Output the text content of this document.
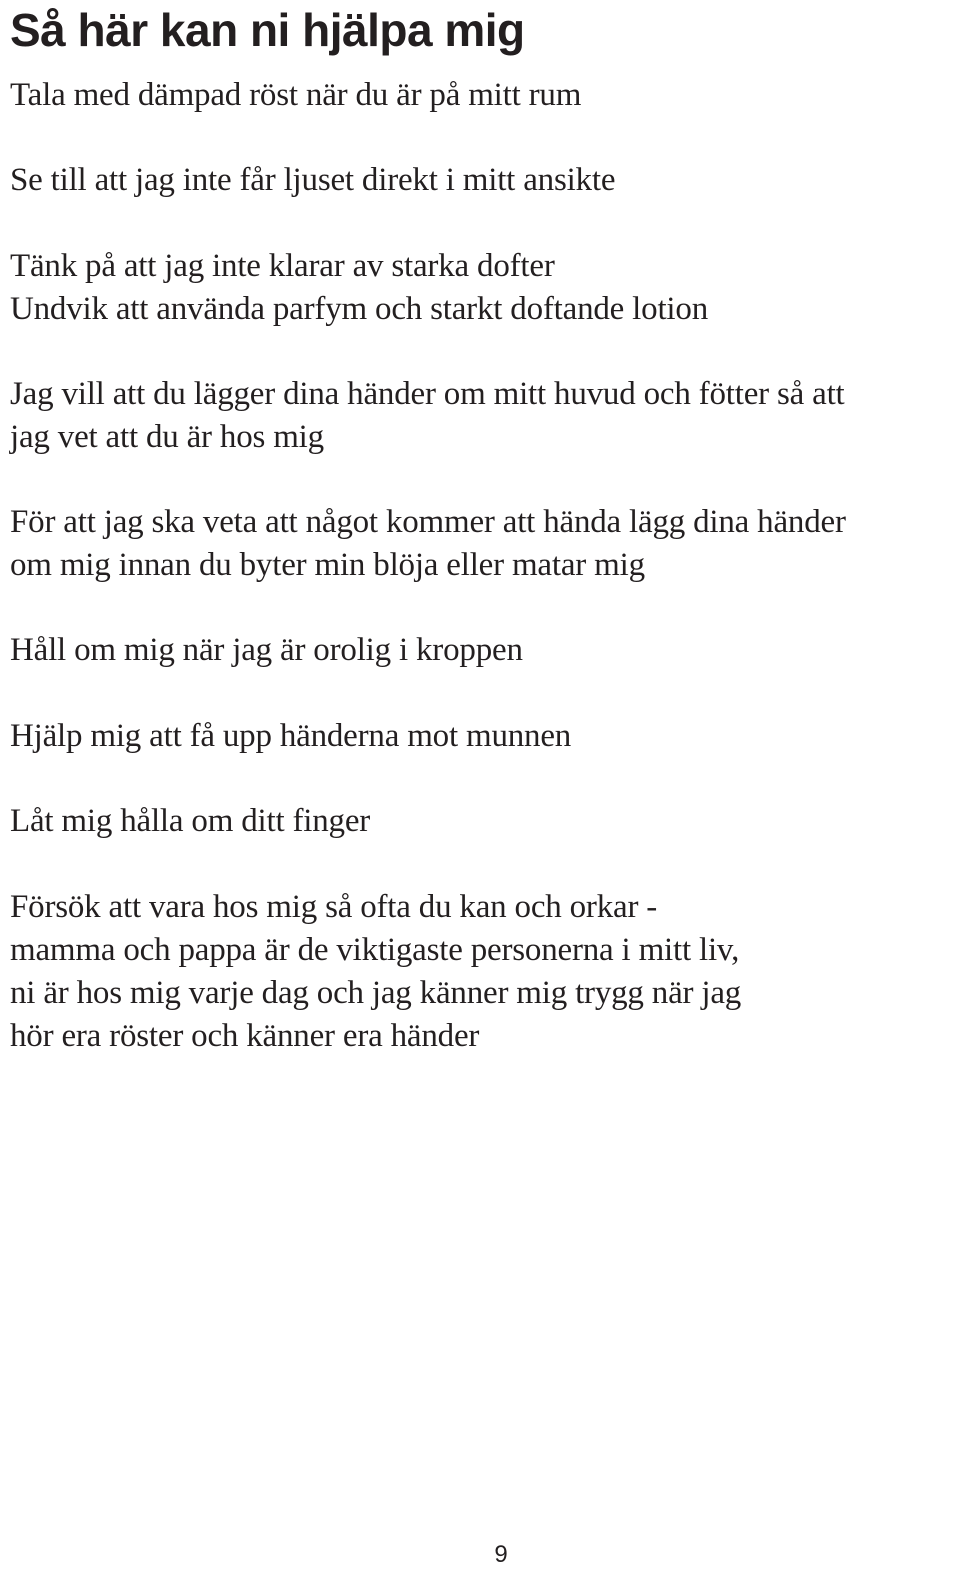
Så här kan ni hjälpa mig

Tala med dämpad röst när du är på mitt rum

Se till att jag inte får ljuset direkt i mitt ansikte

Tänk på att jag inte klarar av starka dofter
Undvik att använda parfym och starkt doftande lotion

Jag vill att du lägger dina händer om mitt huvud och fötter så att
jag vet att du är hos mig

För att jag ska veta att något kommer att hända lägg dina händer
om mig innan du byter min blöja eller matar mig

Håll om mig när jag är orolig i kroppen

Hjälp mig att få upp händerna mot munnen

Låt mig hålla om ditt finger

Försök att vara hos mig så ofta du kan och orkar -
mamma och pappa är de viktigaste personerna i mitt liv,
ni är hos mig varje dag och jag känner mig trygg när jag
hör era röster och känner era händer

9
